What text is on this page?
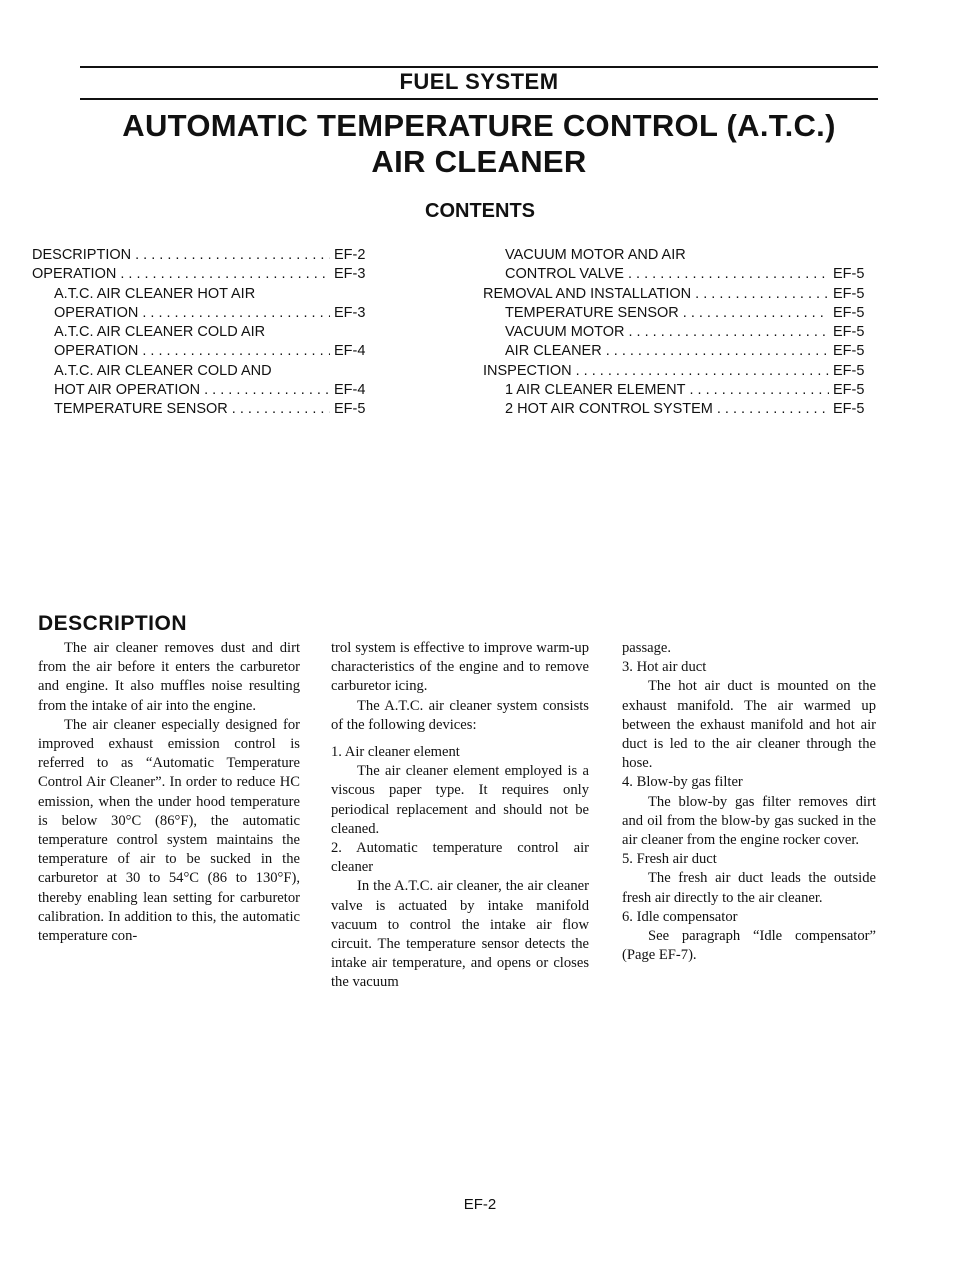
FUEL SYSTEM
AUTOMATIC TEMPERATURE CONTROL (A.T.C.)
AIR CLEANER
CONTENTS
DESCRIPTION . . .	EF-2
OPERATION . . .	EF-3
A.T.C. AIR CLEANER HOT AIR
OPERATION . . .	EF-3
A.T.C. AIR CLEANER COLD AIR
OPERATION . . .	EF-4
A.T.C. AIR CLEANER COLD AND
HOT AIR OPERATION . . .	EF-4
TEMPERATURE SENSOR . . .	EF-5
VACUUM MOTOR AND AIR
CONTROL VALVE . . .	EF-5
REMOVAL AND INSTALLATION . . .	EF-5
TEMPERATURE SENSOR . . .	EF-5
VACUUM MOTOR . . .	EF-5
AIR CLEANER . . .	EF-5
INSPECTION . . .	EF-5
1 AIR CLEANER ELEMENT . . .	EF-5
2 HOT AIR CONTROL SYSTEM . . .	EF-5
DESCRIPTION

The air cleaner removes dust and dirt from the air before it enters the carburetor and engine. It also muffles noise resulting from the intake of air into the engine.

The air cleaner especially designed for improved exhaust emission control is referred to as “Automatic Temperature Control Air Cleaner”. In order to reduce HC emission, when the under hood temperature is below 30°C (86°F), the automatic temperature control system maintains the temperature of air to be sucked in the carburetor at 30 to 54°C (86 to 130°F), thereby enabling lean setting for carburetor calibration. In addition to this, the automatic temperature con-

trol system is effective to improve warm-up characteristics of the engine and to remove carburetor icing.

The A.T.C. air cleaner system consists of the following devices:

1. Air cleaner element

The air cleaner element employed is a viscous paper type. It requires only periodical replacement and should not be cleaned.

2. Automatic temperature control air cleaner

In the A.T.C. air cleaner, the air cleaner valve is actuated by intake manifold vacuum to control the intake air flow circuit. The temperature sensor detects the intake air temperature, and opens or closes the vacuum

passage.

3. Hot air duct

The hot air duct is mounted on the exhaust manifold. The air warmed up between the exhaust manifold and hot air duct is led to the air cleaner through the hose.

4. Blow-by gas filter

The blow-by gas filter removes dirt and oil from the blow-by gas sucked in the air cleaner from the engine rocker cover.

5. Fresh air duct

The fresh air duct leads the outside fresh air directly to the air cleaner.

6. Idle compensator

See paragraph “Idle compensator” (Page EF-7).

EF-2
